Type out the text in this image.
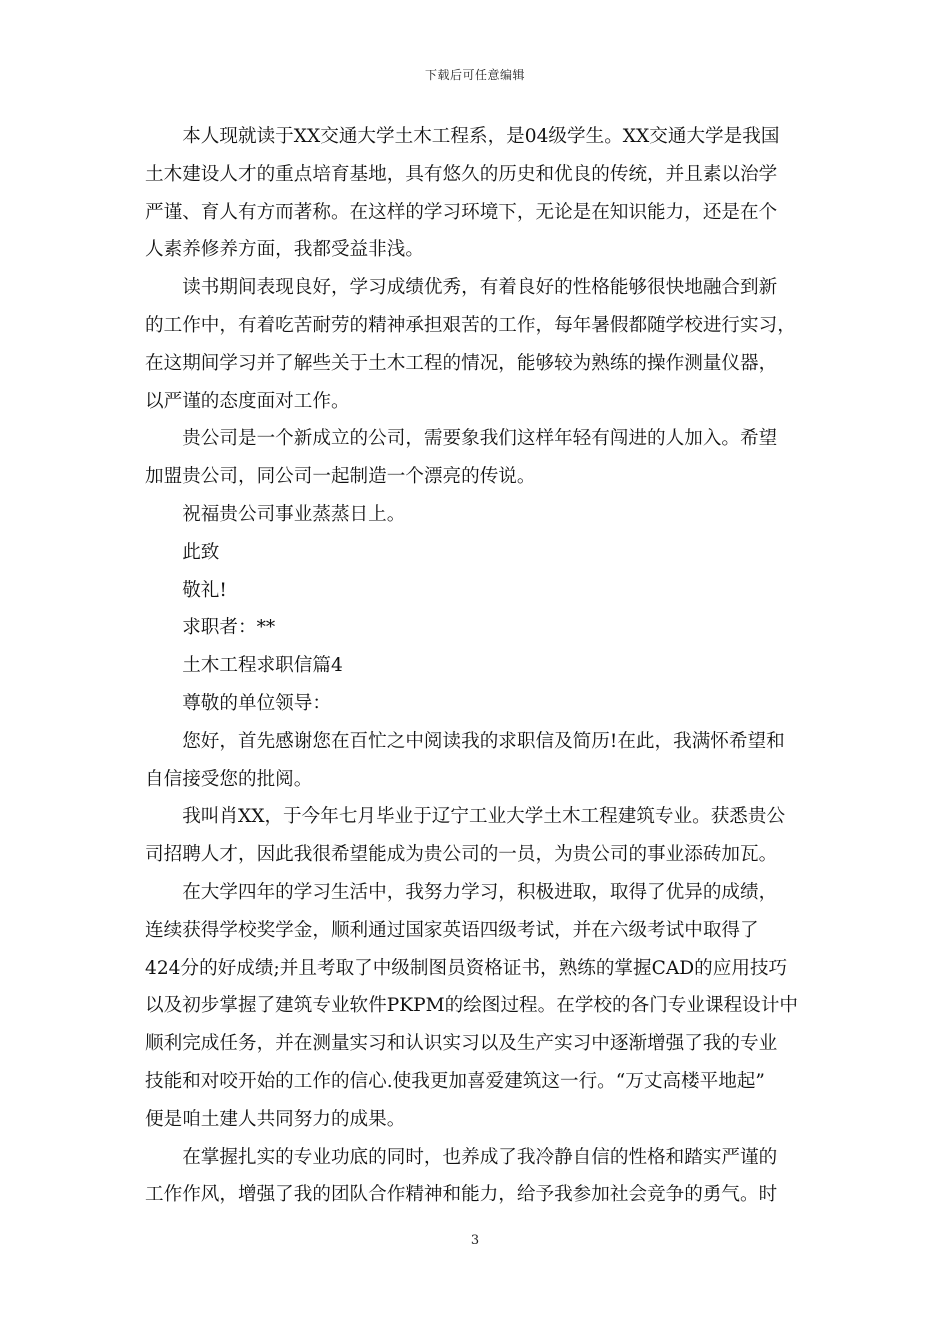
下载后可任意编辑
本人现就读于XX交通大学土木工程系，是04级学生。XX交通大学是我国
土木建设人才的重点培育基地，具有悠久的历史和优良的传统，并且素以治学
严谨、育人有方而著称。在这样的学习环境下，无论是在知识能力，还是在个
人素养修养方面，我都受益非浅。
读书期间表现良好，学习成绩优秀，有着良好的性格能够很快地融合到新
的工作中，有着吃苦耐劳的精神承担艰苦的工作，每年暑假都随学校进行实习，
在这期间学习并了解些关于土木工程的情况，能够较为熟练的操作测量仪器，
以严谨的态度面对工作。
贵公司是一个新成立的公司，需要象我们这样年轻有闯进的人加入。希望
加盟贵公司，同公司一起制造一个漂亮的传说。
祝福贵公司事业蒸蒸日上。
此致
敬礼!
求职者：**
土木工程求职信篇4
尊敬的单位领导：
您好，首先感谢您在百忙之中阅读我的求职信及简历!在此，我满怀希望和
自信接受您的批阅。
我叫肖XX，于今年七月毕业于辽宁工业大学土木工程建筑专业。获悉贵公
司招聘人才，因此我很希望能成为贵公司的一员，为贵公司的事业添砖加瓦。
在大学四年的学习生活中，我努力学习，积极进取，取得了优异的成绩，
连续获得学校奖学金，顺利通过国家英语四级考试，并在六级考试中取得了
424分的好成绩;并且考取了中级制图员资格证书，熟练的掌握CAD的应用技巧
以及初步掌握了建筑专业软件PKPM的绘图过程。在学校的各门专业课程设计中
顺利完成任务，并在测量实习和认识实习以及生产实习中逐渐增强了我的专业
技能和对咬开始的工作的信心.使我更加喜爱建筑这一行。“万丈高楼平地起”
便是咱土建人共同努力的成果。
在掌握扎实的专业功底的同时，也养成了我冷静自信的性格和踏实严谨的
工作作风，增强了我的团队合作精神和能力，给予我参加社会竞争的勇气。时
3
